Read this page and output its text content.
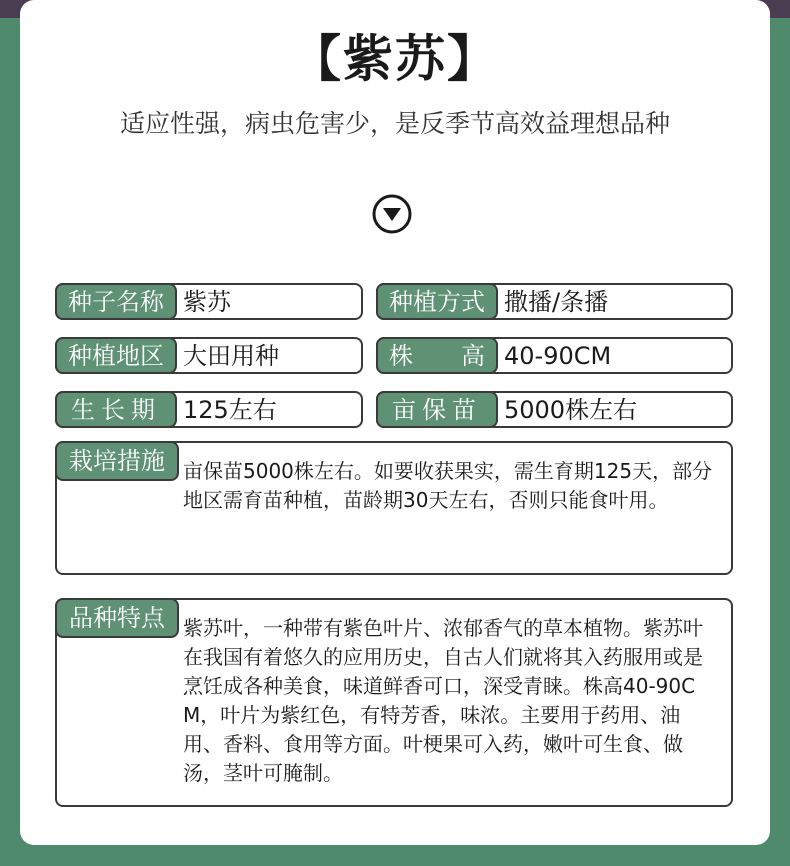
【紫苏】
适应性强，病虫危害少，是反季节高效益理想品种
种子名称 紫苏	种植方式 撒播/条播
种植地区 大田用种	株　　高 40-90CM
生长期 125左右	亩保苗 5000株左右
栽培措施 亩保苗5000株左右。如要收获果实，需生育期125天，部分地区需育苗种植，苗龄期30天左右，否则只能食叶用。
品种特点 紫苏叶，一种带有紫色叶片、浓郁香气的草本植物。紫苏叶在我国有着悠久的应用历史，自古人们就将其入药服用或是烹饪成各种美食，味道鲜香可口，深受青睐。株高40-90CM，叶片为紫红色，有特芳香，味浓。主要用于药用、油用、香料、食用等方面。叶梗果可入药，嫩叶可生食、做汤，茎叶可腌制。
